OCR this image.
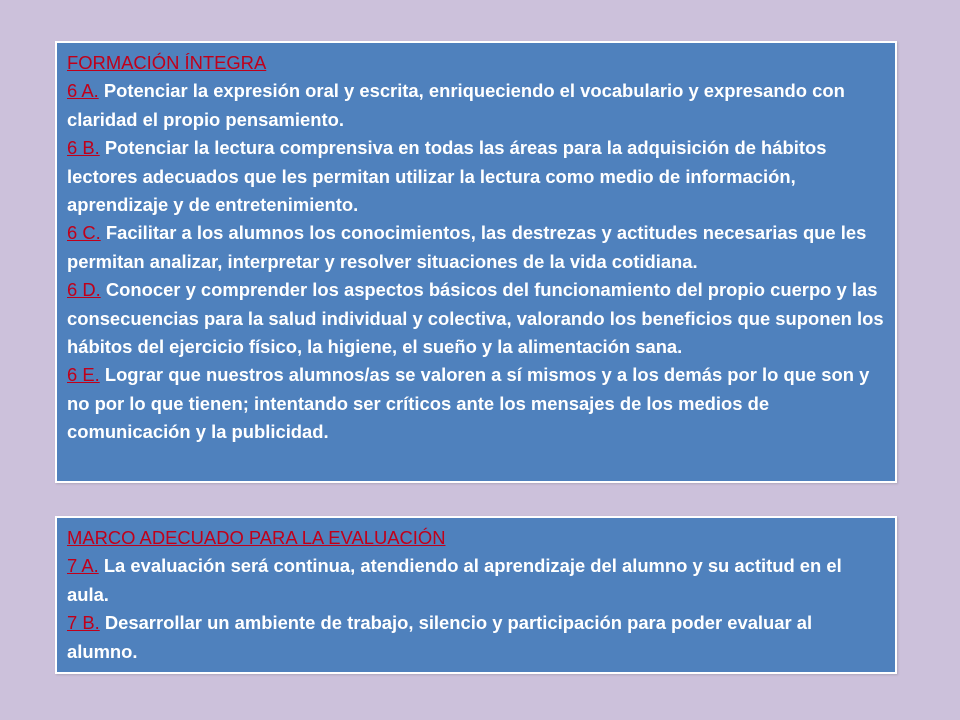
FORMACIÓN ÍNTEGRA
6 A. Potenciar la expresión oral y escrita, enriqueciendo el vocabulario y expresando con claridad el propio pensamiento.
6 B. Potenciar la lectura comprensiva en todas las áreas para la adquisición de hábitos lectores adecuados que les permitan utilizar la lectura como medio de información, aprendizaje y de entretenimiento.
6 C. Facilitar a los alumnos los conocimientos, las destrezas y actitudes necesarias que les permitan analizar, interpretar y resolver situaciones de la vida cotidiana.
6 D. Conocer y comprender los aspectos básicos del funcionamiento del propio cuerpo y las consecuencias para la salud individual y colectiva, valorando los beneficios que suponen los hábitos del ejercicio físico, la higiene, el sueño y la alimentación sana.
6 E. Lograr que nuestros alumnos/as se valoren a sí mismos y a los demás por lo que son y no por lo que tienen; intentando ser críticos ante los mensajes de los medios de comunicación y la publicidad.
MARCO ADECUADO PARA LA EVALUACIÓN
7 A. La evaluación será continua, atendiendo al aprendizaje del alumno y su actitud en el aula.
7 B. Desarrollar un ambiente de trabajo, silencio y participación para poder evaluar al alumno.
